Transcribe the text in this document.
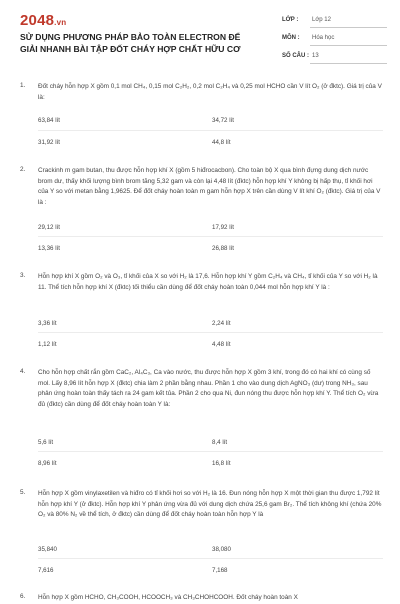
2048.vn
SỬ DỤNG PHƯƠNG PHÁP BẢO TOÀN ELECTRON ĐỂ GIẢI NHANH BÀI TẬP ĐỐT CHÁY HỢP CHẤT HỮU CƠ
LỚP : Lớp 12
MÔN : Hóa học
SỐ CÂU : 13
1. Đốt cháy hỗn hợp X gồm 0,1 mol CH₄, 0,15 mol C₂H₂, 0,2 mol C₂H₄ và 0,25 mol HCHO cần V lít O₂ (ở đktc). Giá trị của V là:
63,84 lít	34,72 lít
31,92 lít	44,8 lít
2. Crackinh m gam butan, thu được hỗn hợp khí X (gồm 5 hiđrocacbon). Cho toàn bộ X qua bình đựng dung dịch nước brom dư, thấy khối lượng bình brom tăng 5,32 gam và còn lại 4,48 lít (đktc) hỗn hợp khí Y không bị hấp thụ, tỉ khối hơi của Y so với metan bằng 1,9625. Để đốt cháy hoàn toàn m gam hỗn hợp X trên cần dùng V lít khí O₂ (đktc). Giá trị của V là :
29,12 lít	17,92 lít
13,36 lít	26,88 lít
3. Hỗn hợp khí X gồm O₂ và O₃, tỉ khối của X so với H₂ là 17,6. Hỗn hợp khí Y gồm C₂H₄ và CH₄, tỉ khối của Y so với H₂ là 11. Thể tích hỗn hợp khí X (đktc) tối thiểu cần dùng để đốt cháy hoàn toàn 0,044 mol hỗn hợp khí Y là :
3,36 lít	2,24 lít
1,12 lít	4,48 lít
4. Cho hỗn hợp chất rắn gồm CaC₂, Al₄C₃, Ca vào nước, thu được hỗn hợp X gồm 3 khí, trong đó có hai khí có cùng số mol. Lấy 8,96 lít hỗn hợp X (đktc) chia làm 2 phần bằng nhau. Phần 1 cho vào dung dịch AgNO₃ (dư) trong NH₃, sau phản ứng hoàn toàn thấy tách ra 24 gam kết tủa. Phần 2 cho qua Ni, đun nóng thu được hỗn hợp khí Y. Thể tích O₂ vừa đủ (đktc) cần dùng để đốt cháy hoàn toàn Y là:
5,6 lít	8,4 lít
8,96 lít	16,8 lít
5. Hỗn hợp X gồm vinylaxetilen và hiđro có tỉ khối hơi so với H₂ là 16. Đun nóng hỗn hợp X một thời gian thu được 1,792 lít hỗn hợp khí Y (ở đktc). Hỗn hợp khí Y phản ứng vừa đủ với dung dịch chứa 25,6 gam Br₂. Thể tích không khí (chứa 20% O₂ và 80% N₂ về thể tích, ở đktc) cần dùng để đốt cháy hoàn toàn hỗn hợp Y là
35,840	38,080
7,616	7,168
6. Hỗn hợp X gồm HCHO, CH₃COOH, HCOOCH₃ và CH₃CHOHCOOH. Đốt cháy hoàn toàn X
